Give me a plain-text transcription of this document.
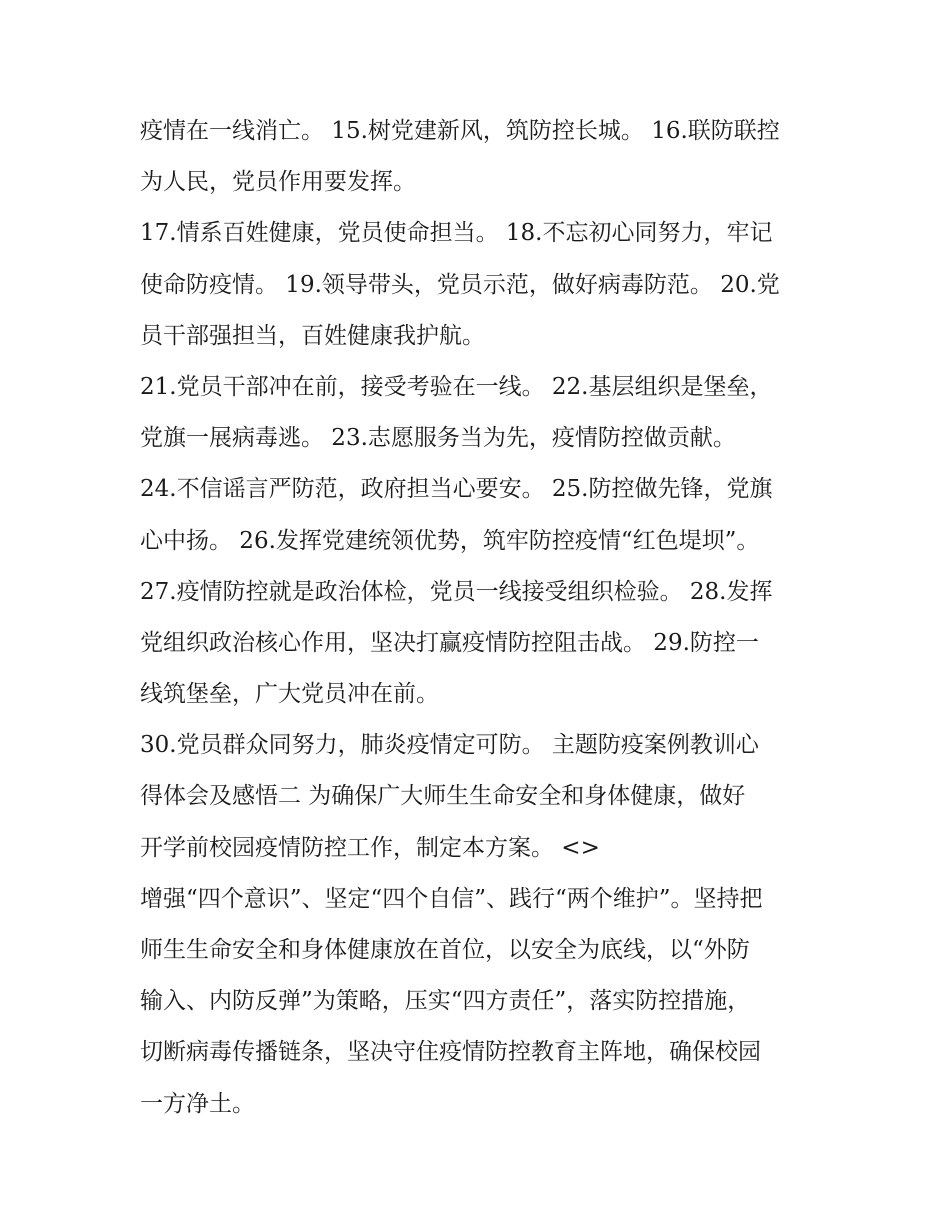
疫情在一线消亡。 15.树党建新风，筑防控长城。 16.联防联控
为人民，党员作用要发挥。
17.情系百姓健康，党员使命担当。 18.不忘初心同努力，牢记
使命防疫情。 19.领导带头，党员示范，做好病毒防范。 20.党
员干部强担当，百姓健康我护航。
21.党员干部冲在前，接受考验在一线。 22.基层组织是堡垒，
党旗一展病毒逃。 23.志愿服务当为先，疫情防控做贡献。
24.不信谣言严防范，政府担当心要安。 25.防控做先锋，党旗
心中扬。 26.发挥党建统领优势，筑牢防控疫情“红色堤坝”。
27.疫情防控就是政治体检，党员一线接受组织检验。 28.发挥
党组织政治核心作用，坚决打赢疫情防控阻击战。 29.防控一
线筑堡垒，广大党员冲在前。
30.党员群众同努力，肺炎疫情定可防。 主题防疫案例教训心
得体会及感悟二 为确保广大师生生命安全和身体健康，做好
开学前校园疫情防控工作，制定本方案。 <>
增强“四个意识”、坚定“四个自信”、践行“两个维护”。坚持把
师生生命安全和身体健康放在首位，以安全为底线，以“外防
输入、内防反弹”为策略，压实“四方责任”，落实防控措施，
切断病毒传播链条，坚决守住疫情防控教育主阵地，确保校园
一方净土。
